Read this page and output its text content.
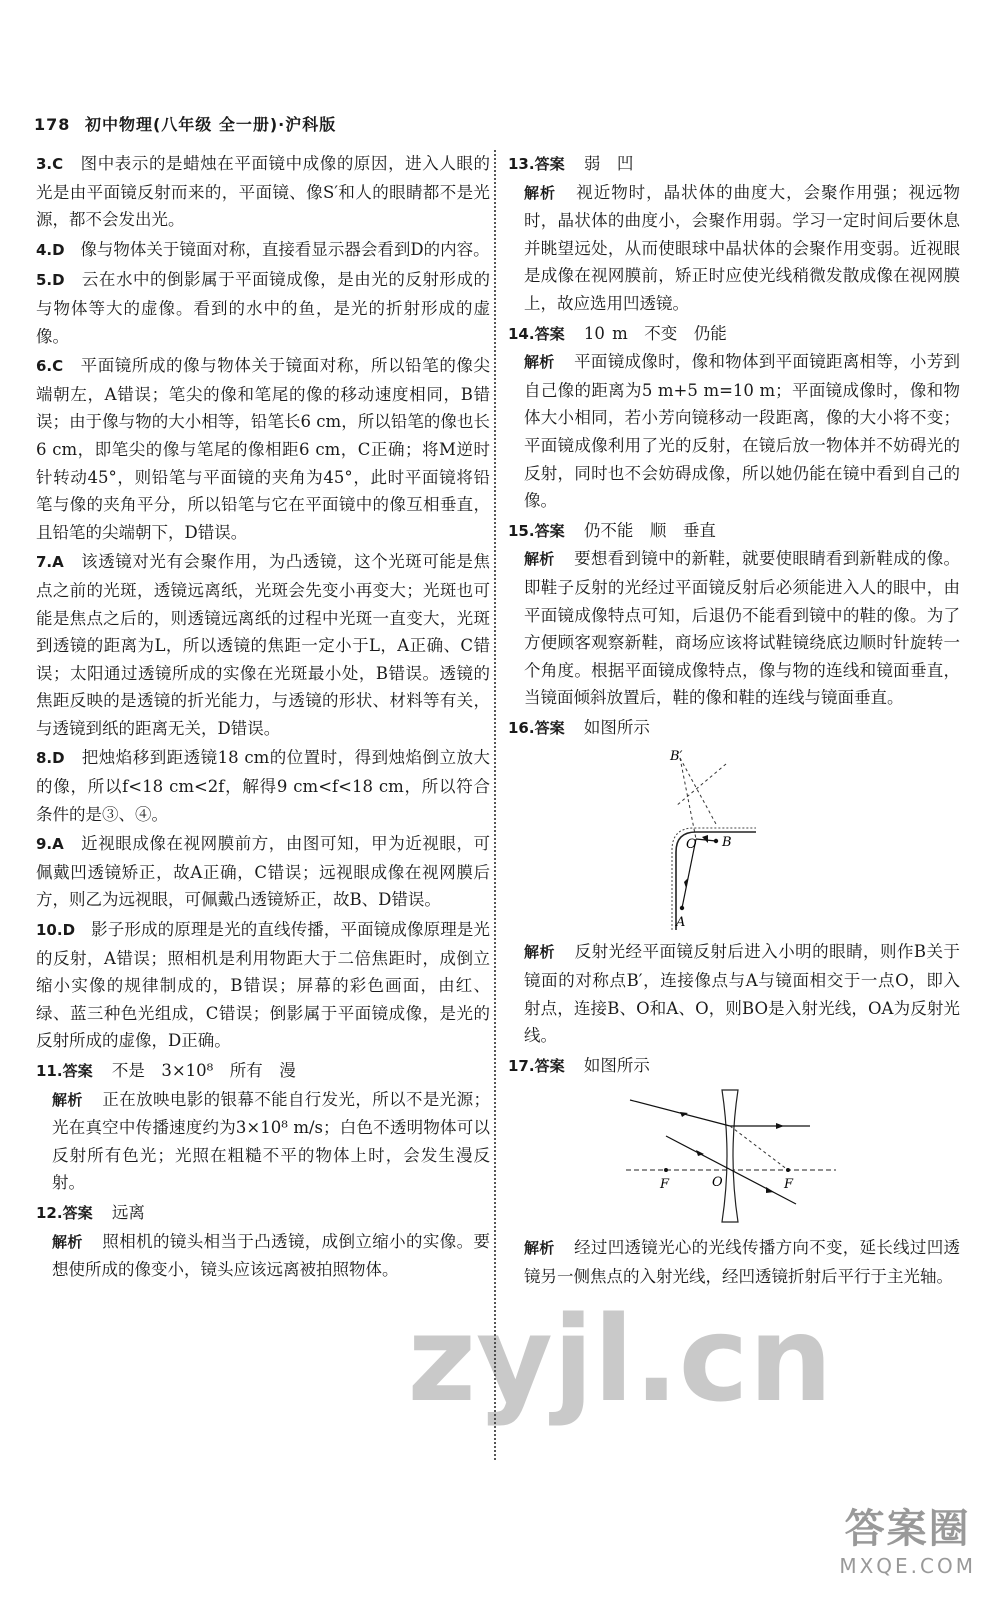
178 初中物理(八年级 全一册)·沪科版
3.C 图中表示的是蜡烛在平面镜中成像的原因，进入人眼的光是由平面镜反射而来的，平面镜、像S′和人的眼睛都不是光源，都不会发出光。
4.D 像与物体关于镜面对称，直接看显示器会看到D的内容。
5.D 云在水中的倒影属于平面镜成像，是由光的反射形成的与物体等大的虚像。看到的水中的鱼，是光的折射形成的虚像。
6.C 平面镜所成的像与物体关于镜面对称，所以铅笔的像尖端朝左，A错误；笔尖的像和笔尾的像的移动速度相同，B错误；由于像与物的大小相等，铅笔长6 cm，所以铅笔的像也长6 cm，即笔尖的像与笔尾的像相距6 cm，C正确；将M逆时针转动45°，则铅笔与平面镜的夹角为45°，此时平面镜将铅笔与像的夹角平分，所以铅笔与它在平面镜中的像互相垂直，且铅笔的尖端朝下，D错误。
7.A 该透镜对光有会聚作用，为凸透镜，这个光斑可能是焦点之前的光斑，透镜远离纸，光斑会先变小再变大；光斑也可能是焦点之后的，则透镜远离纸的过程中光斑一直变大，光斑到透镜的距离为L，所以透镜的焦距一定小于L，A正确、C错误；太阳通过透镜所成的实像在光斑最小处，B错误。透镜的焦距反映的是透镜的折光能力，与透镜的形状、材料等有关，与透镜到纸的距离无关，D错误。
8.D 把烛焰移到距透镜18 cm的位置时，得到烛焰倒立放大的像，所以f<18 cm<2f，解得9 cm<f<18 cm，所以符合条件的是③、④。
9.A 近视眼成像在视网膜前方，由图可知，甲为近视眼，可佩戴凹透镜矫正，故A正确，C错误；远视眼成像在视网膜后方，则乙为远视眼，可佩戴凸透镜矫正，故B、D错误。
10.D 影子形成的原理是光的直线传播，平面镜成像原理是光的反射，A错误；照相机是利用物距大于二倍焦距时，成倒立缩小实像的规律制成的，B错误；屏幕的彩色画面，由红、绿、蓝三种色光组成，C错误；倒影属于平面镜成像，是光的反射所成的虚像，D正确。
11.答案 不是　3×10⁸　所有　漫
解析 正在放映电影的银幕不能自行发光，所以不是光源；光在真空中传播速度约为3×10⁸ m/s；白色不透明物体可以反射所有色光；光照在粗糙不平的物体上时，会发生漫反射。
12.答案 远离
解析 照相机的镜头相当于凸透镜，成倒立缩小的实像。要想使所成的像变小，镜头应该远离被拍照物体。
13.答案 弱　凹
解析 视近物时，晶状体的曲度大，会聚作用强；视远物时，晶状体的曲度小，会聚作用弱。学习一定时间后要休息并眺望远处，从而使眼球中晶状体的会聚作用变弱。近视眼是成像在视网膜前，矫正时应使光线稍微发散成像在视网膜上，故应选用凹透镜。
14.答案 10 m　不变　仍能
解析 平面镜成像时，像和物体到平面镜距离相等，小芳到自己像的距离为5 m+5 m=10 m；平面镜成像时，像和物体大小相同，若小芳向镜移动一段距离，像的大小将不变；平面镜成像利用了光的反射，在镜后放一物体并不妨碍光的反射，同时也不会妨碍成像，所以她仍能在镜中看到自己的像。
15.答案 仍不能　顺　垂直
解析 要想看到镜中的新鞋，就要使眼睛看到新鞋成的像。即鞋子反射的光经过平面镜反射后必须能进入人的眼中，由平面镜成像特点可知，后退仍不能看到镜中的鞋的像。为了方便顾客观察新鞋，商场应该将试鞋镜绕底边顺时针旋转一个角度。根据平面镜成像特点，像与物的连线和镜面垂直，当镜面倾斜放置后，鞋的像和鞋的连线与镜面垂直。
16.答案 如图所示
B′
O B
A
解析 反射光经平面镜反射后进入小明的眼睛，则作B关于镜面的对称点B′，连接像点与A与镜面相交于一点O，即入射点，连接B、O和A、O，则BO是入射光线，OA为反射光线。
17.答案 如图所示
F	O	F
解析 经过凹透镜光心的光线传播方向不变，延长线过凹透镜另一侧焦点的入射光线，经凹透镜折射后平行于主光轴。
zyjl.cn
答案圈
MXQE.COM
